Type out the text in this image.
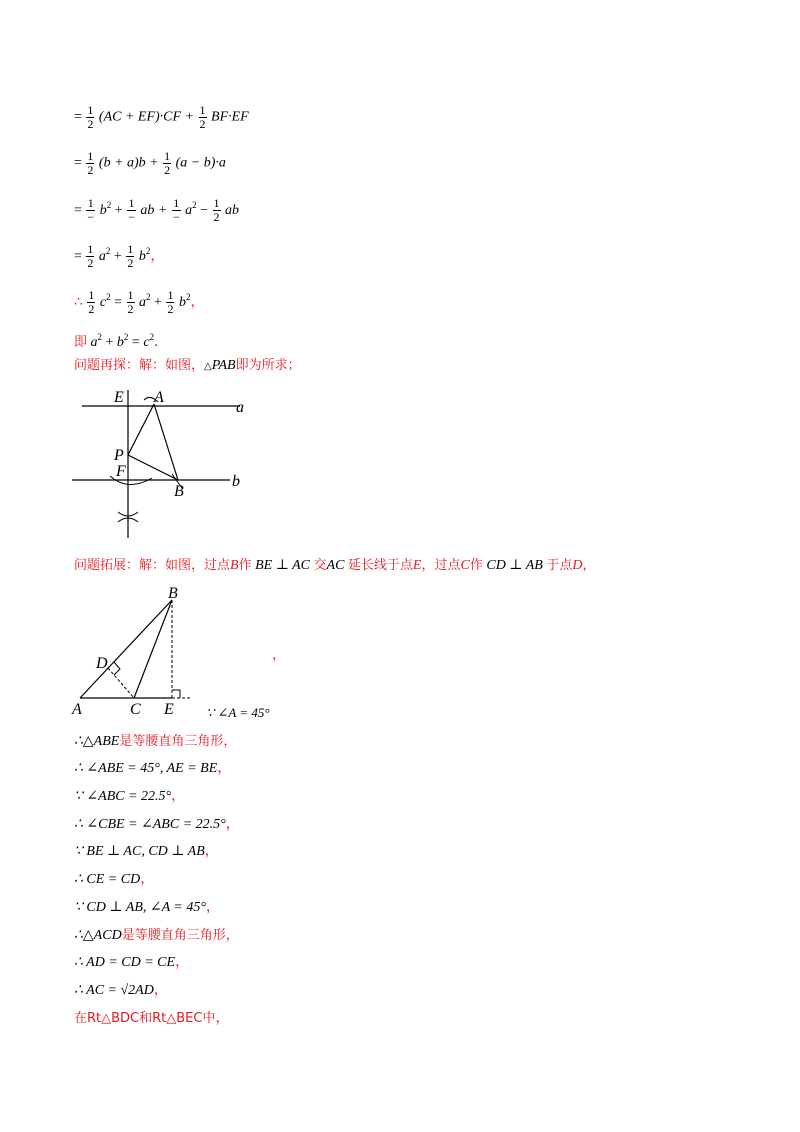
= $\frac{1}{2} (AC + EF)\cdot CF + \frac{1}{2} BF\cdot EF$
= $\frac{1}{2} (b + a)b + \frac{1}{2} (a - b)\cdot a$
= $\frac{1}{-} b^2 + \frac{1}{-}$ ab + $\frac{1}{-} a^2 - \frac{1}{2}$ ab
= $\frac{1}{2} a^2 + \frac{1}{2} b^2$，
∴ $\frac{1}{2} c^2 = \frac{1}{2} a^2 + \frac{1}{2} b^2$，
即 $a^2 + b^2 = c^2$．
问题再探：解：如图，△PAB即为所求；
E A
a
P
F
B
b
问题拓展：解：如图，过点B作 BE ⊥ AC 交AC 延长线于点E，过点C作 CD ⊥ AB 于点D，
B
D
A	C E
，
∵ ∠A = 45°
∴△ABE是等腰直角三角形，
∴ ∠ABE = 45°, AE = BE，
∵ ∠ABC = 22.5°，
∴ ∠CBE = ∠ABC = 22.5°，
∵ BE ⊥ AC, CD ⊥ AB，
∴ CE = CD，
∵ CD ⊥ AB, ∠A = 45°，
∴△ACD是等腰直角三角形，
∴ AD = CD = CE，
∴ AC = √2AD，
在Rt△BDC和Rt△BEC中，
